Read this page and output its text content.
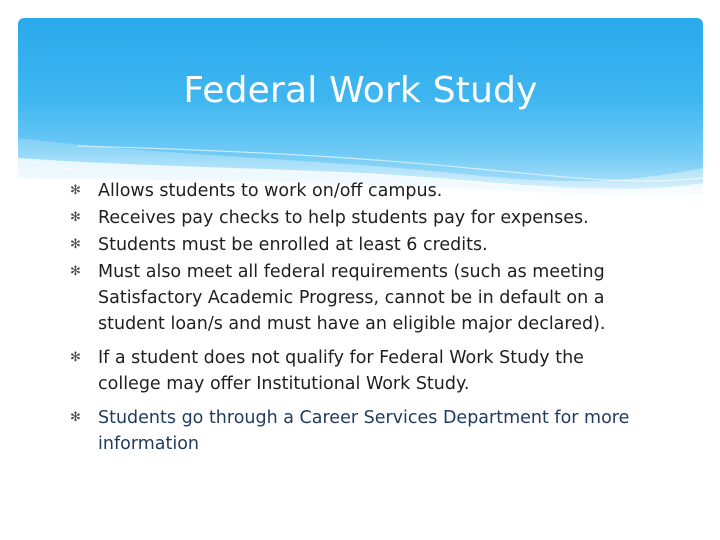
Federal Work Study
✻ Allows students to work on/off campus.
✻ Receives pay checks to help students pay for expenses.
✻ Students must be enrolled at least 6 credits.
✻ Must also meet all federal requirements (such as meeting Satisfactory Academic Progress, cannot be in default on a student loan/s and must have an eligible major declared).
✻ If a student does not qualify for Federal Work Study the college may offer Institutional Work Study.
✻ Students go through a Career Services Department for more information
